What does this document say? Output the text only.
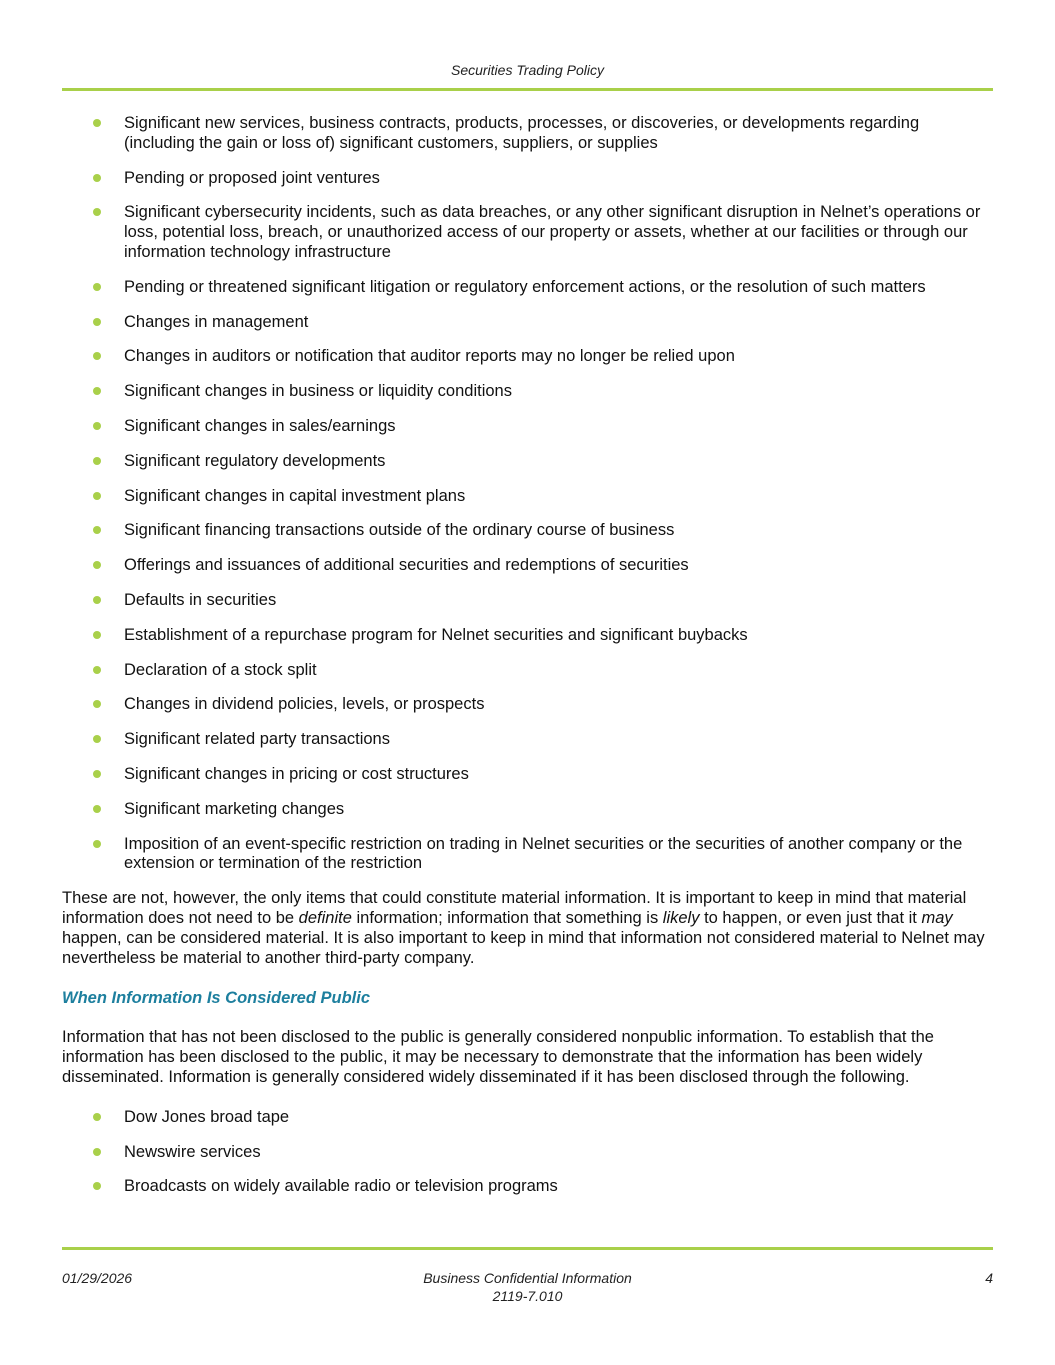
Securities Trading Policy
Significant new services, business contracts, products, processes, or discoveries, or developments regarding (including the gain or loss of) significant customers, suppliers, or supplies
Pending or proposed joint ventures
Significant cybersecurity incidents, such as data breaches, or any other significant disruption in Nelnet’s operations or loss, potential loss, breach, or unauthorized access of our property or assets, whether at our facilities or through our information technology infrastructure
Pending or threatened significant litigation or regulatory enforcement actions, or the resolution of such matters
Changes in management
Changes in auditors or notification that auditor reports may no longer be relied upon
Significant changes in business or liquidity conditions
Significant changes in sales/earnings
Significant regulatory developments
Significant changes in capital investment plans
Significant financing transactions outside of the ordinary course of business
Offerings and issuances of additional securities and redemptions of securities
Defaults in securities
Establishment of a repurchase program for Nelnet securities and significant buybacks
Declaration of a stock split
Changes in dividend policies, levels, or prospects
Significant related party transactions
Significant changes in pricing or cost structures
Significant marketing changes
Imposition of an event-specific restriction on trading in Nelnet securities or the securities of another company or the extension or termination of the restriction

These are not, however, the only items that could constitute material information. It is important to keep in mind that material information does not need to be definite information; information that something is likely to happen, or even just that it may happen, can be considered material. It is also important to keep in mind that information not considered material to Nelnet may nevertheless be material to another third-party company.

When Information Is Considered Public

Information that has not been disclosed to the public is generally considered nonpublic information. To establish that the information has been disclosed to the public, it may be necessary to demonstrate that the information has been widely disseminated. Information is generally considered widely disseminated if it has been disclosed through the following.

Dow Jones broad tape
Newswire services
Broadcasts on widely available radio or television programs
01/29/2026	Business Confidential Information
2119-7.010
4
